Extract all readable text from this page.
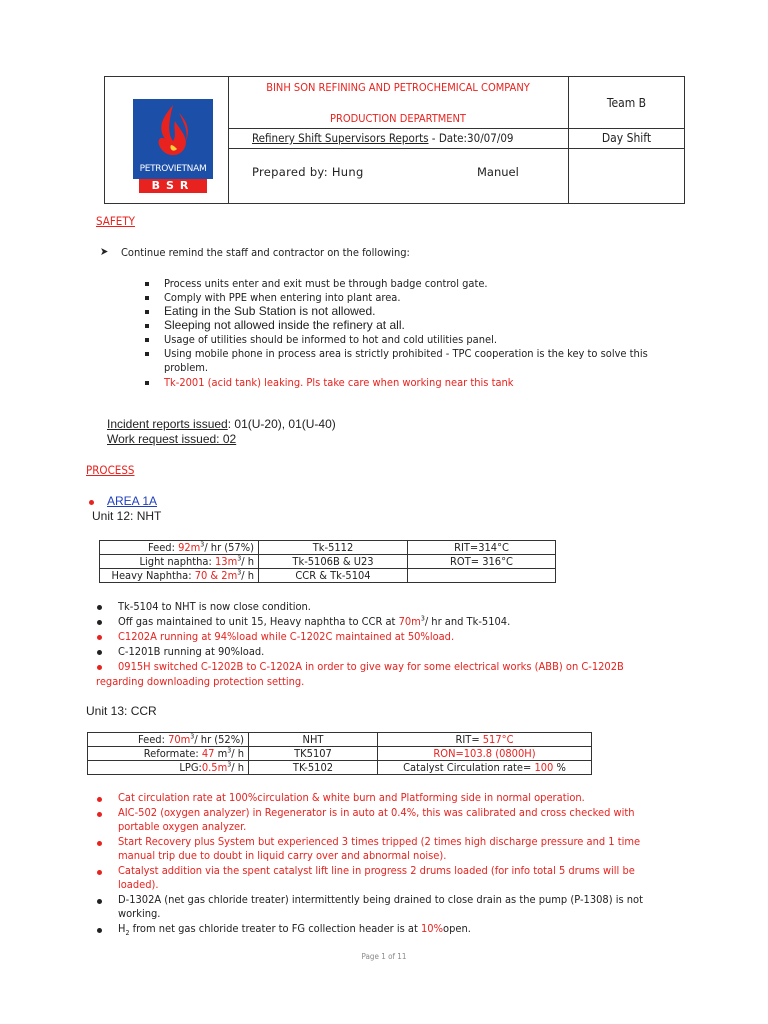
PETROVIETNAM
BSR
BINH SON REFINING AND PETROCHEMICAL COMPANY
PRODUCTION DEPARTMENT
Refinery Shift Supervisors Reports - Date:30/07/09
Prepared by: Hung	Manuel
Team B
Day Shift
SAFETY
➤ Continue remind the staff and contractor on the following:
Process units enter and exit must be through badge control gate.
Comply with PPE when entering into plant area.
Eating in the Sub Station is not allowed.
Sleeping not allowed inside the refinery at all.
Usage of utilities should be informed to hot and cold utilities panel.
Using mobile phone in process area is strictly prohibited - TPC cooperation is the key to solve this
problem.
Tk-2001 (acid tank) leaking. Pls take care when working near this tank
Incident reports issued: 01(U-20), 01(U-40)
Work request issued: 02
PROCESS
AREA 1A
Unit 12: NHT
Feed: $92m^3/$ hr (57%)	Tk-5112	RIT=314°C
Light naphtha: $13m^3/$ h	Tk-5106B & U23	ROT= 316°C
Heavy Naphtha: 70 & $2m^3/$ h	CCR & Tk-5104	
Tk-5104 to NHT is now close condition.
Off gas maintained to unit 15, Heavy naphtha to CCR at $70m^3/$ hr and Tk-5104.
C1202A running at 94%load while C-1202C maintained at 50%load.
C-1201B running at 90%load.
0915H switched C-1202B to C-1202A in order to give way for some electrical works (ABB) on C-1202B
regarding downloading protection setting.
Unit 13: CCR
Feed: $70m^3/$ hr (52%)	NHT	RIT= 517°C
Reformate: 47 $m^3/$ h	TK5107	RON=103.8 (0800H)
$LPG:0.5m^3/$ h	TK-5102	Catalyst Circulation rate= 100 %
Cat circulation rate at 100%circulation & white burn and Platforming side in normal operation.
AIC-502 (oxygen analyzer) in Regenerator is in auto at 0.4%, this was calibrated and cross checked with
portable oxygen analyzer.
Start Recovery plus System but experienced 3 times tripped (2 times high discharge pressure and 1 time
manual trip due to doubt in liquid carry over and abnormal noise).
Catalyst addition via the spent catalyst lift line in progress 2 drums loaded (for info total 5 drums will be
loaded).
D-1302A (net gas chloride treater) intermittently being drained to close drain as the pump (P-1308) is not
working.
$H_2$ from net gas chloride treater to FG collection header is at 10%open.
Page 1 of 11
